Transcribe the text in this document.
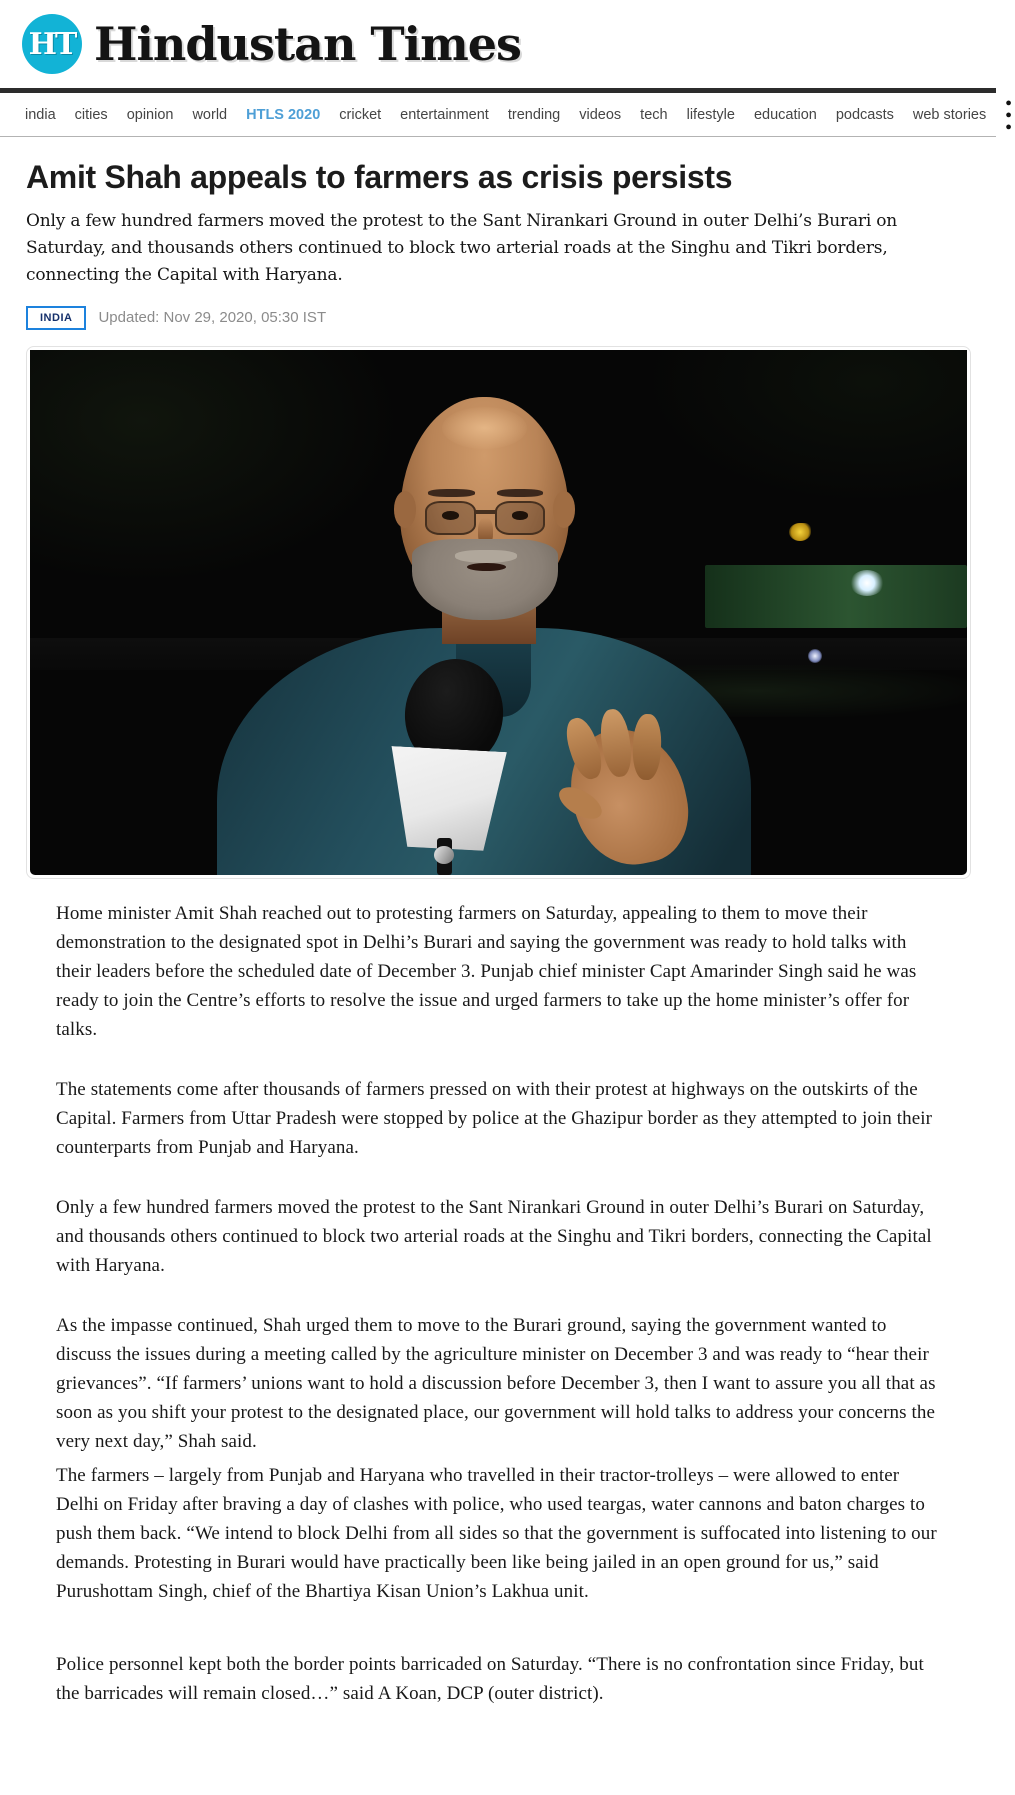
HT Hindustan Times
india cities opinion world HTLS 2020 cricket entertainment trending videos tech lifestyle education podcasts web stories
● ● ●
Amit Shah appeals to farmers as crisis persists

Only a few hundred farmers moved the protest to the Sant Nirankari Ground in outer Delhi’s Burari on Saturday, and thousands others continued to block two arterial roads at the Singhu and Tikri borders, connecting the Capital with Haryana.

INDIA	Updated: Nov 29, 2020, 05:30 IST

Home minister Amit Shah reached out to protesting farmers on Saturday, appealing to them to move their demonstration to the designated spot in Delhi’s Burari and saying the government was ready to hold talks with their leaders before the scheduled date of December 3. Punjab chief minister Capt Amarinder Singh said he was ready to join the Centre’s efforts to resolve the issue and urged farmers to take up the home minister’s offer for talks.

The statements come after thousands of farmers pressed on with their protest at highways on the outskirts of the Capital. Farmers from Uttar Pradesh were stopped by police at the Ghazipur border as they attempted to join their counterparts from Punjab and Haryana.

Only a few hundred farmers moved the protest to the Sant Nirankari Ground in outer Delhi’s Burari on Saturday, and thousands others continued to block two arterial roads at the Singhu and Tikri borders, connecting the Capital with Haryana.

As the impasse continued, Shah urged them to move to the Burari ground, saying the government wanted to discuss the issues during a meeting called by the agriculture minister on December 3 and was ready to “hear their grievances”. “If farmers’ unions want to hold a discussion before December 3, then I want to assure you all that as soon as you shift your protest to the designated place, our government will hold talks to address your concerns the very next day,” Shah said.

The farmers – largely from Punjab and Haryana who travelled in their tractor-trolleys – were allowed to enter Delhi on Friday after braving a day of clashes with police, who used teargas, water cannons and baton charges to push them back. “We intend to block Delhi from all sides so that the government is suffocated into listening to our demands. Protesting in Burari would have practically been like being jailed in an open ground for us,” said Purushottam Singh, chief of the Bhartiya Kisan Union’s Lakhua unit.

Police personnel kept both the border points barricaded on Saturday. “There is no confrontation since Friday, but the barricades will remain closed…” said A Koan, DCP (outer district).
